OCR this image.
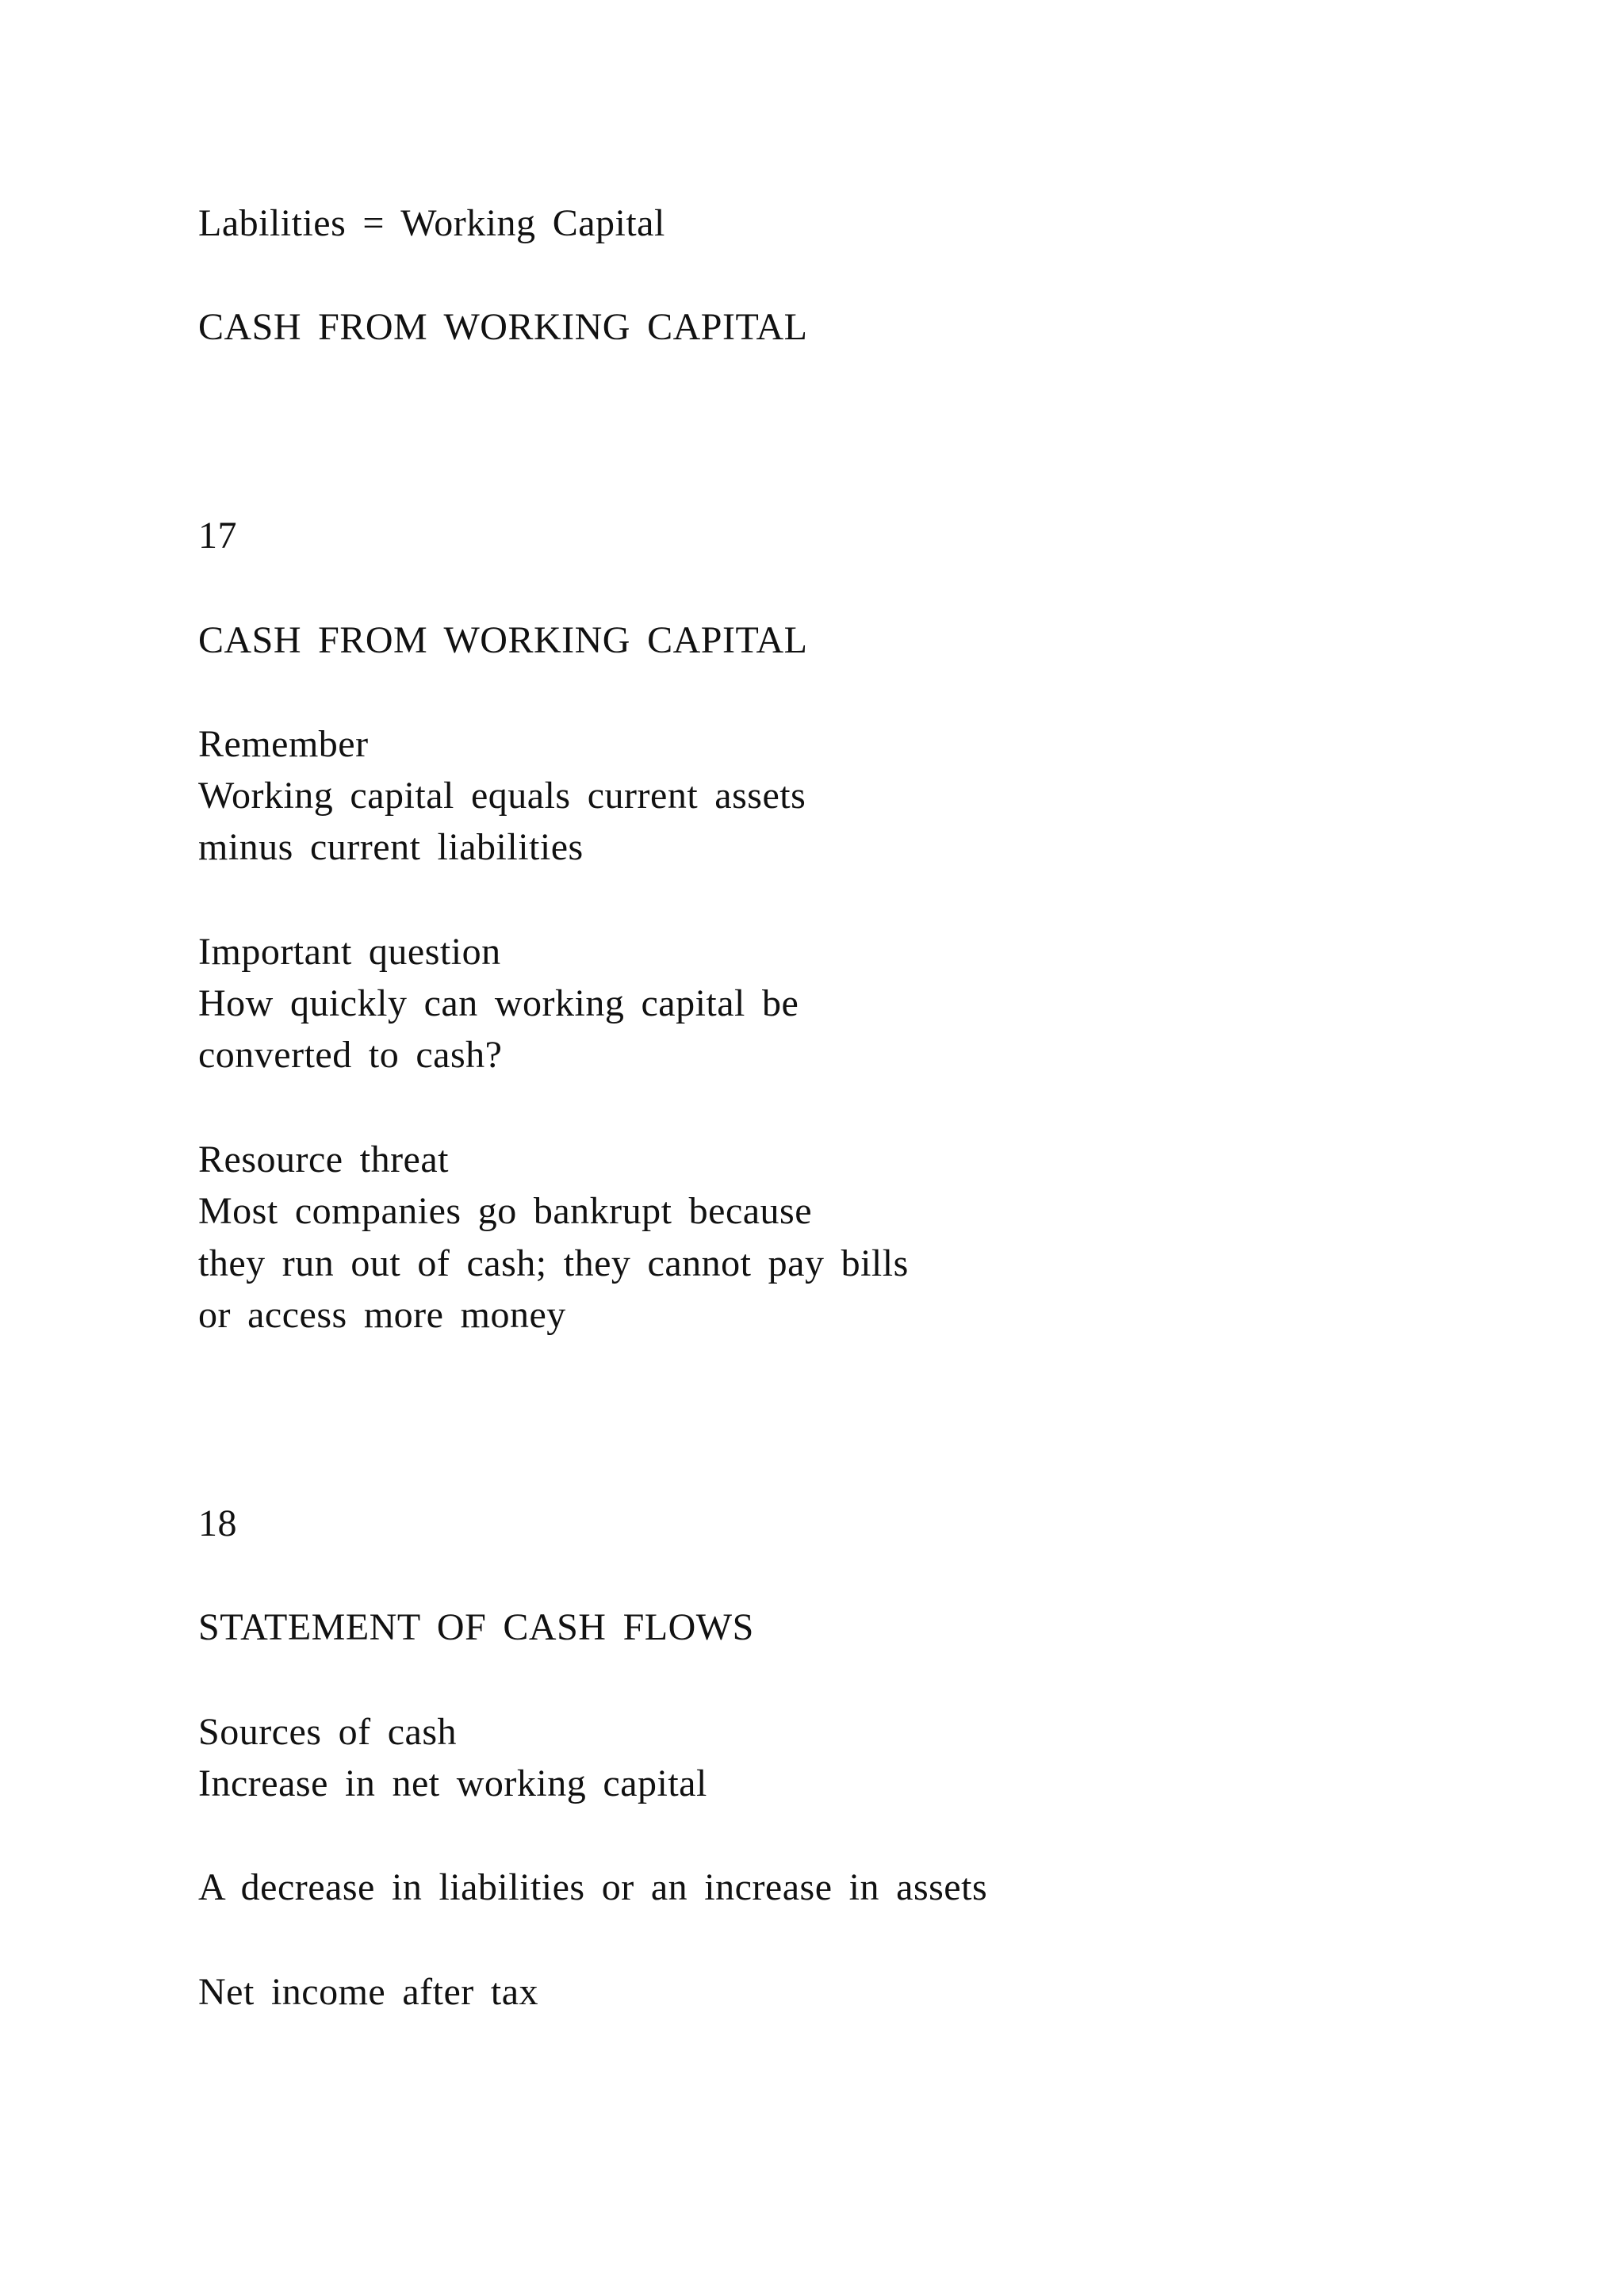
Labilities = Working Capital

CASH FROM WORKING CAPITAL

17

CASH FROM WORKING CAPITAL

Remember

Working capital equals current assets

minus current liabilities

Important question

How quickly can working capital be

converted to cash?

Resource threat

Most companies go bankrupt because

they run out of cash; they cannot pay bills

or access more money

18

STATEMENT OF CASH FLOWS

Sources of cash

Increase in net working capital

A decrease in liabilities or an increase in assets

Net income after tax
